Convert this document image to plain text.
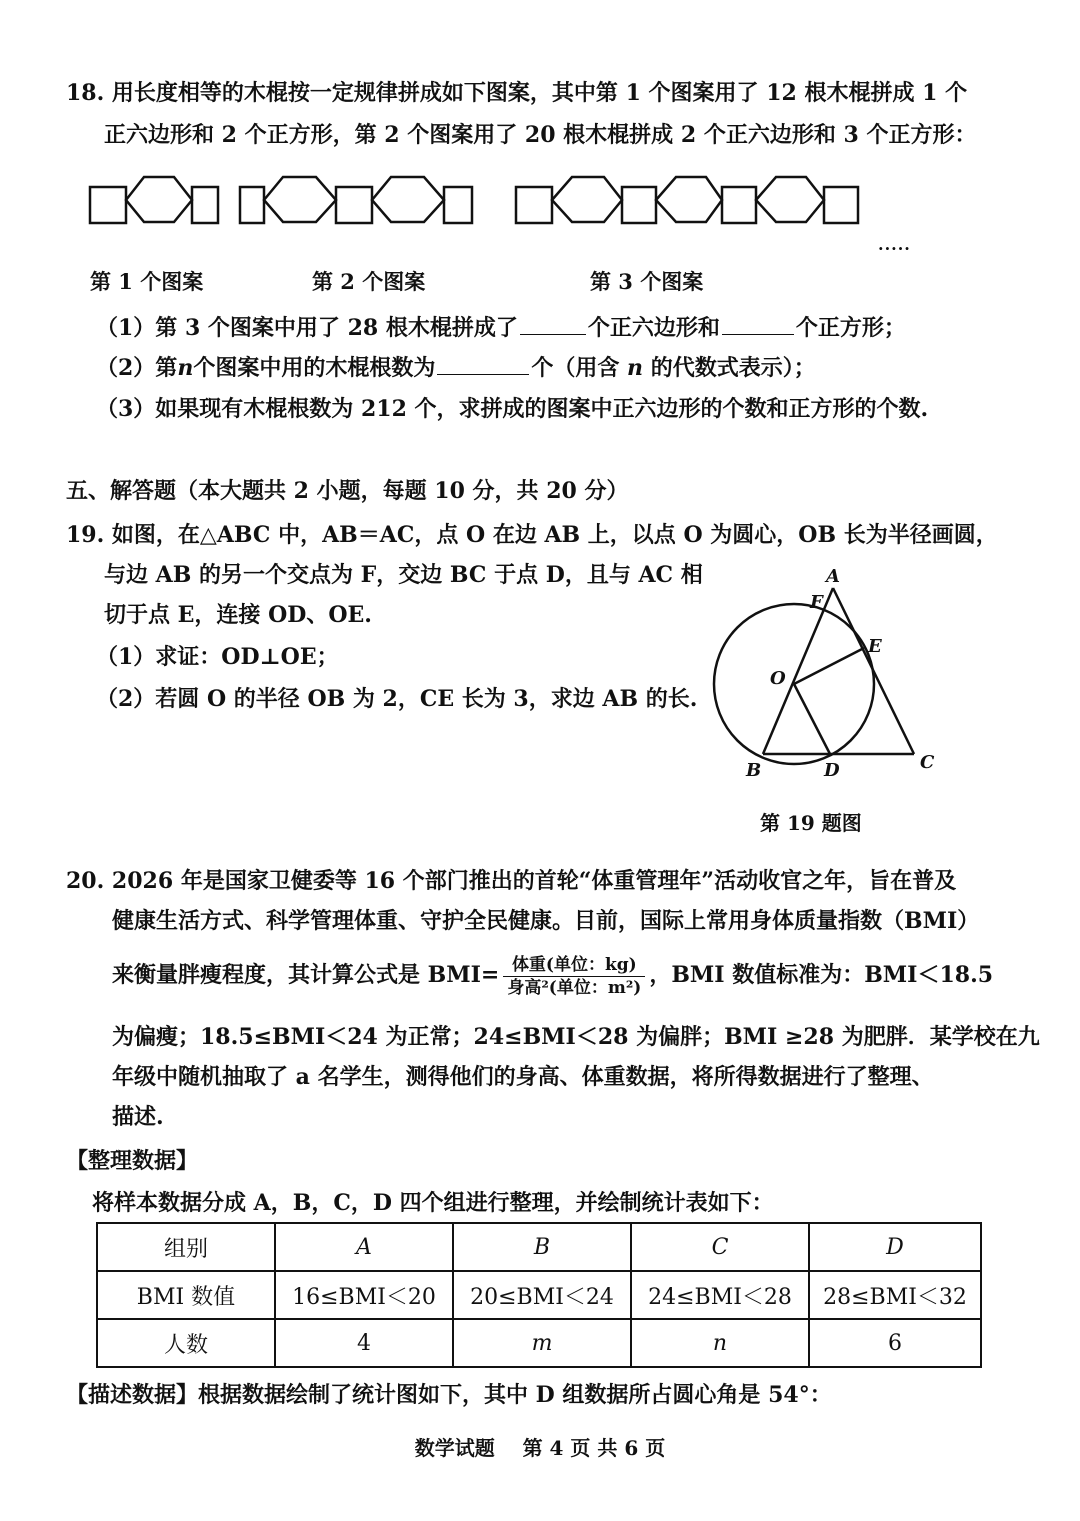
18. 用长度相等的木棍按一定规律拼成如下图案，其中第 1 个图案用了 12 根木棍拼成 1 个
正六边形和 2 个正方形，第 2 个图案用了 20 根木棍拼成 2 个正六边形和 3 个正方形：
·····
第 1 个图案	第 2 个图案	第 3 个图案
（1）第 3 个图案中用了 28 根木棍拼成了	个正六边形和	个正方形；
（2）第n个图案中用的木棍根数为	个（用含 n 的代数式表示）；
（3）如果现有木棍根数为 212 个，求拼成的图案中正六边形的个数和正方形的个数.
五、解答题（本大题共 2 小题，每题 10 分，共 20 分）
19. 如图，在△ABC 中，AB＝AC，点 O 在边 AB 上，以点 O 为圆心，OB 长为半径画圆，
与边 AB 的另一个交点为 F，交边 BC 于点 D，且与 AC 相
切于点 E，连接 OD、OE.
（1）求证：OD⊥OE；
（2）若圆 O 的半径 OB 为 2，CE 长为 3，求边 AB 的长.
A
F
E
O
B	D	C
第 19 题图
20. 2026 年是国家卫健委等 16 个部门推出的首轮“体重管理年”活动收官之年，旨在普及
健康生活方式、科学管理体重、守护全民健康。目前，国际上常用身体质量指数（BMI）
来衡量胖瘦程度，其计算公式是 $BMI= \frac{\text{体重(单位：kg)}}{\text{身高²(单位：m²)}}$ ，BMI 数值标准为：BMI＜18.5
为偏瘦；18.5≤BMI＜24 为正常；24≤BMI＜28 为偏胖；BMI ≥28 为肥胖．某学校在九
年级中随机抽取了 a 名学生，测得他们的身高、体重数据，将所得数据进行了整理、
描述.
【整理数据】
将样本数据分成 A，B，C，D 四个组进行整理，并绘制统计表如下：
组别	A	B	C	D
BMI 数值	16≤BMI＜20	20≤BMI＜24	24≤BMI＜28	28≤BMI＜32
人数	4	m	n	6
【描述数据】根据数据绘制了统计图如下，其中 D 组数据所占圆心角是 54°：
数学试题 第 4 页 共 6 页
